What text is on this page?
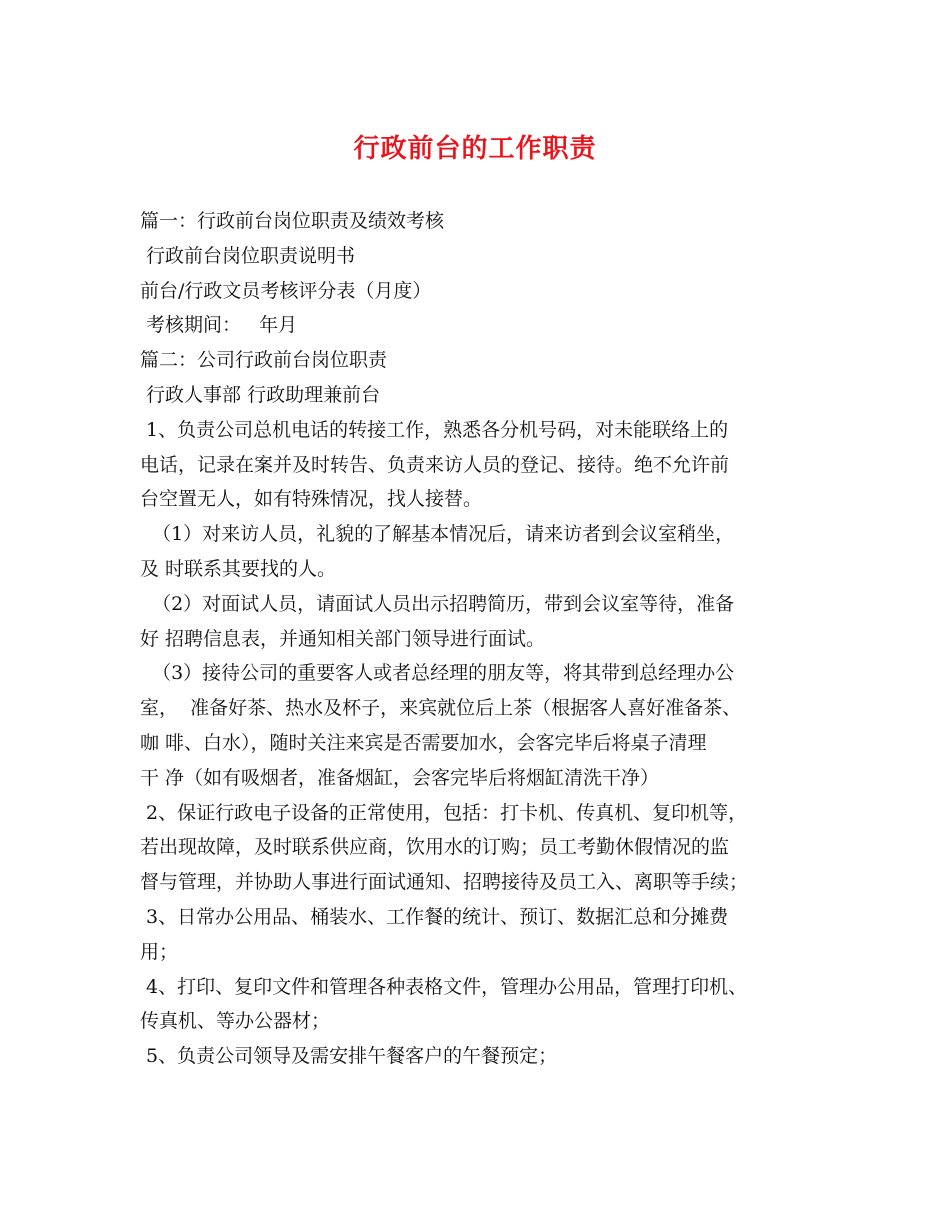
行政前台的工作职责
篇一：行政前台岗位职责及绩效考核
行政前台岗位职责说明书
前台/行政文员考核评分表（月度）
考核期间：   年月
篇二：公司行政前台岗位职责
行政人事部 行政助理兼前台
1、负责公司总机电话的转接工作，熟悉各分机号码，对未能联络上的
电话，记录在案并及时转告、负责来访人员的登记、接待。绝不允许前
台空置无人，如有特殊情况，找人接替。
（1）对来访人员，礼貌的了解基本情况后，请来访者到会议室稍坐，
及 时联系其要找的人。
（2）对面试人员，请面试人员出示招聘简历，带到会议室等待，准备
好 招聘信息表，并通知相关部门领导进行面试。
（3）接待公司的重要客人或者总经理的朋友等，将其带到总经理办公
室，  准备好茶、热水及杯子，来宾就位后上茶（根据客人喜好准备茶、
咖 啡、白水），随时关注来宾是否需要加水，会客完毕后将桌子清理
干 净（如有吸烟者，准备烟缸，会客完毕后将烟缸清洗干净）
2、保证行政电子设备的正常使用，包括：打卡机、传真机、复印机等，
若出现故障，及时联系供应商，饮用水的订购；员工考勤休假情况的监
督与管理，并协助人事进行面试通知、招聘接待及员工入、离职等手续；
3、日常办公用品、桶装水、工作餐的统计、预订、数据汇总和分摊费
用；
4、打印、复印文件和管理各种表格文件，管理办公用品，管理打印机、
传真机、等办公器材；
5、负责公司领导及需安排午餐客户的午餐预定；
